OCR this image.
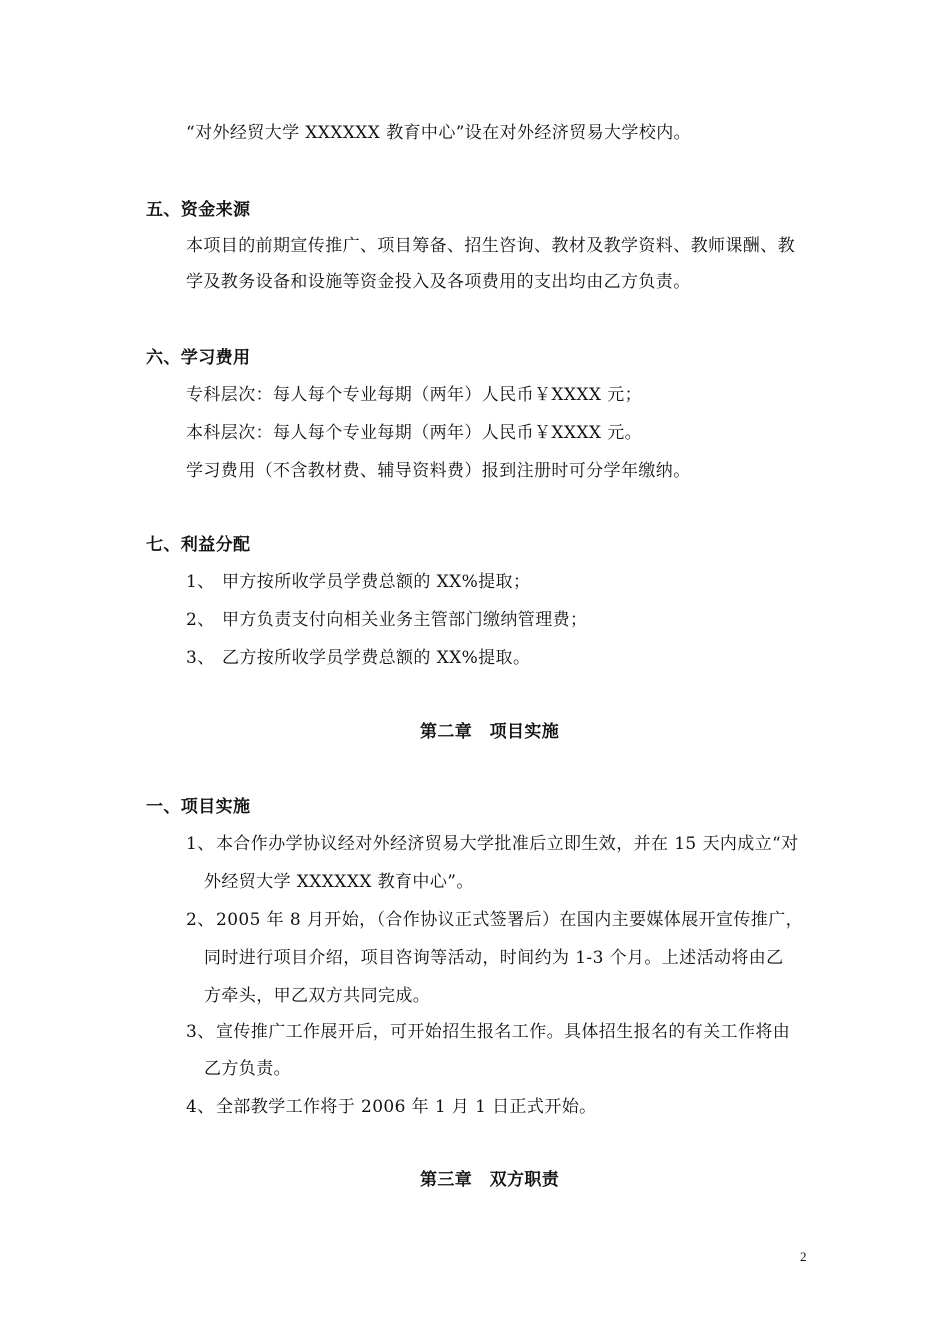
“对外经贸大学 XXXXXX 教育中心”设在对外经济贸易大学校内。
五、资金来源
本项目的前期宣传推广、项目筹备、招生咨询、教材及教学资料、教师课酬、教
学及教务设备和设施等资金投入及各项费用的支出均由乙方负责。
六、学习费用
专科层次：每人每个专业每期（两年）人民币￥XXXX 元；
本科层次：每人每个专业每期（两年）人民币￥XXXX 元。
学习费用（不含教材费、辅导资料费）报到注册时可分学年缴纳。
七、利益分配
1、 甲方按所收学员学费总额的 XX%提取；
2、 甲方负责支付向相关业务主管部门缴纳管理费；
3、 乙方按所收学员学费总额的 XX%提取。
第二章　项目实施
一、项目实施
1、 本合作办学协议经对外经济贸易大学批准后立即生效，并在 15 天内成立“对
外经贸大学 XXXXXX 教育中心”。
2、 2005 年 8 月开始，（合作协议正式签署后）在国内主要媒体展开宣传推广，
同时进行项目介绍，项目咨询等活动，时间约为 1-3 个月。上述活动将由乙
方牵头，甲乙双方共同完成。
3、 宣传推广工作展开后，可开始招生报名工作。具体招生报名的有关工作将由
乙方负责。
4、 全部教学工作将于 2006 年 1 月 1 日正式开始。
第三章　双方职责
2
